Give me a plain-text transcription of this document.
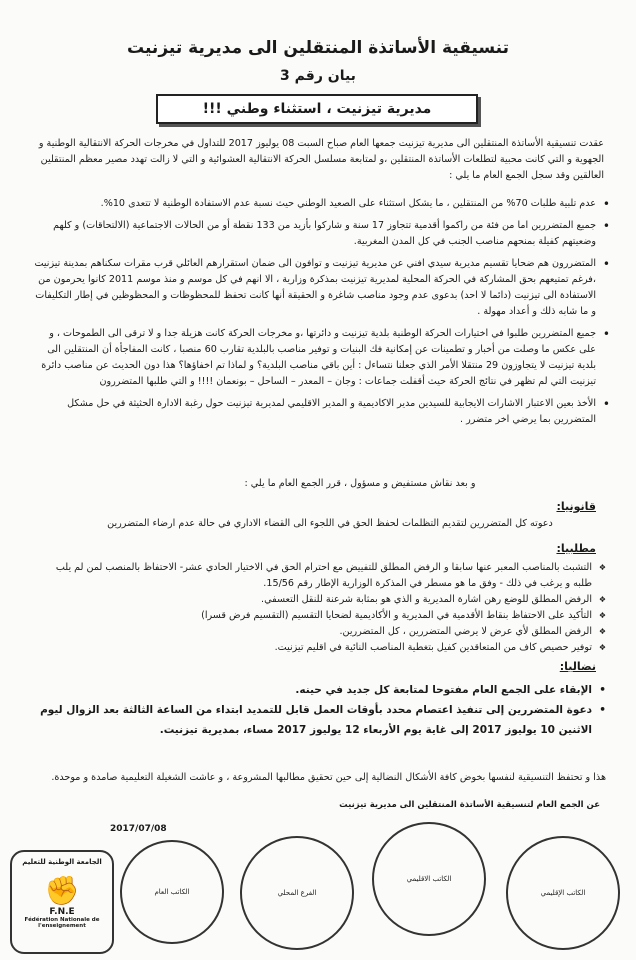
تنسيقية الأساتذة المنتقلين الى مديرية تيزنيت
بيان رقم 3
مديرية تيزنيت ، استثناء وطني !!!
عقدت تنسيقية الأساتذة المنتقلين الى مديرية تيزنيت جمعها العام صباح السبت 08 يوليوز 2017 للتداول في مخرجات الحركة الانتقالية الوطنية و الجهوية و التي كانت محبية لتطلعات الأساتذة المنتقلين ،و لمتابعة مسلسل الحركة الانتقالية العشوائية و التي لا زالت تهدد مصير معظم المنتقلين العالقين وقد سجل الجمع العام ما يلي :
• عدم تلبية طلبات 70% من المنتقلين ، ما يشكل استثناء على الصعيد الوطني حيث نسبة عدم الاستفادة الوطنية لا تتعدى 10%.
• جميع المتضررين اما من فئة من راكموا أقدمية تتجاوز 17 سنة و شاركوا بأزيد من 133 نقطة أو من الحالات الاجتماعية (الالتحاقات) و كلهم وضعيتهم كفيلة بمنحهم مناصب الجنب في كل المدن المغربية.
• المتضررون هم ضحايا تقسيم مديرية سيدي افني عن مديرية تيزنيت و توافون الى ضمان استقرارهم العائلي قرب مقرات سكناهم بمدينة تيزنيت ،فرغم تمتيعهم بحق المشاركة في الحركة المحلية لمديرية تيزنيت بمذكرة وزارية ، الا انهم في كل موسم و منذ موسم 2011 كانوا يحرمون من الاستفادة الى تيزنيت (دائما لا احد) بدعوى عدم وجود مناصب شاغرة و الحقيقة أنها كانت تحفظ للمحظوظات و المحظوظين في إطار التكليفات و ما شابه ذلك و أعداد مهولة .
• جميع المتضررين طلبوا في اختيارات الحركة الوطنية بلدية تيزنيت و دائرتها ،و مخرجات الحركة كانت هزيلة جدا و لا ترقى الى الطموحات ، و على عكس ما وصلت من أخبار و تطمينات عن إمكانية فك البنيات و توفير مناصب بالبلدية تقارب 60 منصبا ، كانت المفاجأة أن المنتقلين الى بلدية تيزنيت لا يتجاوزون 29 منتقلا الأمر الذي جعلنا نتساءل : أين باقي مناصب البلدية؟ و لماذا تم اخفاؤها؟ هذا دون الحديث عن مناصب دائرة تيزنيت التي لم تظهر في نتائج الحركة حيث أقفلت جماعات : وجان – المعدر – الساحل – بونعمان !!!! و التي طلبها المتضررون
• الأخذ بعين الاعتبار الاشارات الايجابية للسيدين مدير الاكاديمية و المدير الاقليمي لمديرية تيزنيت حول رغبة الادارة الحثيثة في حل مشكل المتضررين بما يرضي اخر متضرر .
و بعد نقاش مستفيض و مسؤول ، قرر الجمع العام ما يلي :
قانونيا:
دعوته كل المتضررين لتقديم التظلمات لحفظ الحق في اللجوء الى القضاء الاداري في حالة عدم ارضاء المتضررين
مطلبيا:
❖ التشبث بالمناصب المعبر عنها سابقا و الرفض المطلق للتفييض مع احترام الحق في الاختيار الحادي عشر- الاحتفاظ بالمنصب لمن لم يلب طلبه و يرغب في ذلك - وفق ما هو مسطر في المذكرة الوزارية الإطار رقم 15/56.
❖ الرفض المطلق للوضع رهن اشارة المديرية و الذي هو بمثابة شرعنة للنقل التعسفي.
❖ التأكيد على الاحتفاظ بنقاط الأقدمية في المديرية و الأكاديمية لضحايا التقسيم (التقسيم فرض قسرا)
❖ الرفض المطلق لأي عرض لا يرضي المتضررين ، كل المتضررين.
❖ توفير حصيص كاف من المتعاقدين كفيل بتغطية المناصب النائية في اقليم تيزنيت.
نضاليا:
• الإبقاء على الجمع العام مفتوحا لمتابعة كل جديد في حينه.
• دعوة المتضررين إلى تنفيذ اعتصام محدد بأوقات العمل قابل للتمديد ابتداء من الساعة الثالثة بعد الزوال ليوم الاثنين 10 يوليوز 2017 إلى غاية يوم الأربعاء 12 يوليوز 2017 مساء، بمديرية تيزنيت.
هذا و تحتفظ التنسيقية لنفسها بخوض كافة الأشكال النضالية إلى حين تحقيق مطالبها المشروعة ، و عاشت الشغيلة التعليمية صامدة و موحدة.
عن الجمع العام لتنسيقية الأساتذة المنتقلين الى مديرية تيزنيت
2017/07/08
الجامعة الوطنية للتعليم
✊
F.N.E
Fédération Nationale de l'enseignement
الكاتب العام	الفرع المحلي
الكاتب الاقليمي
الكاتب الإقليمي
